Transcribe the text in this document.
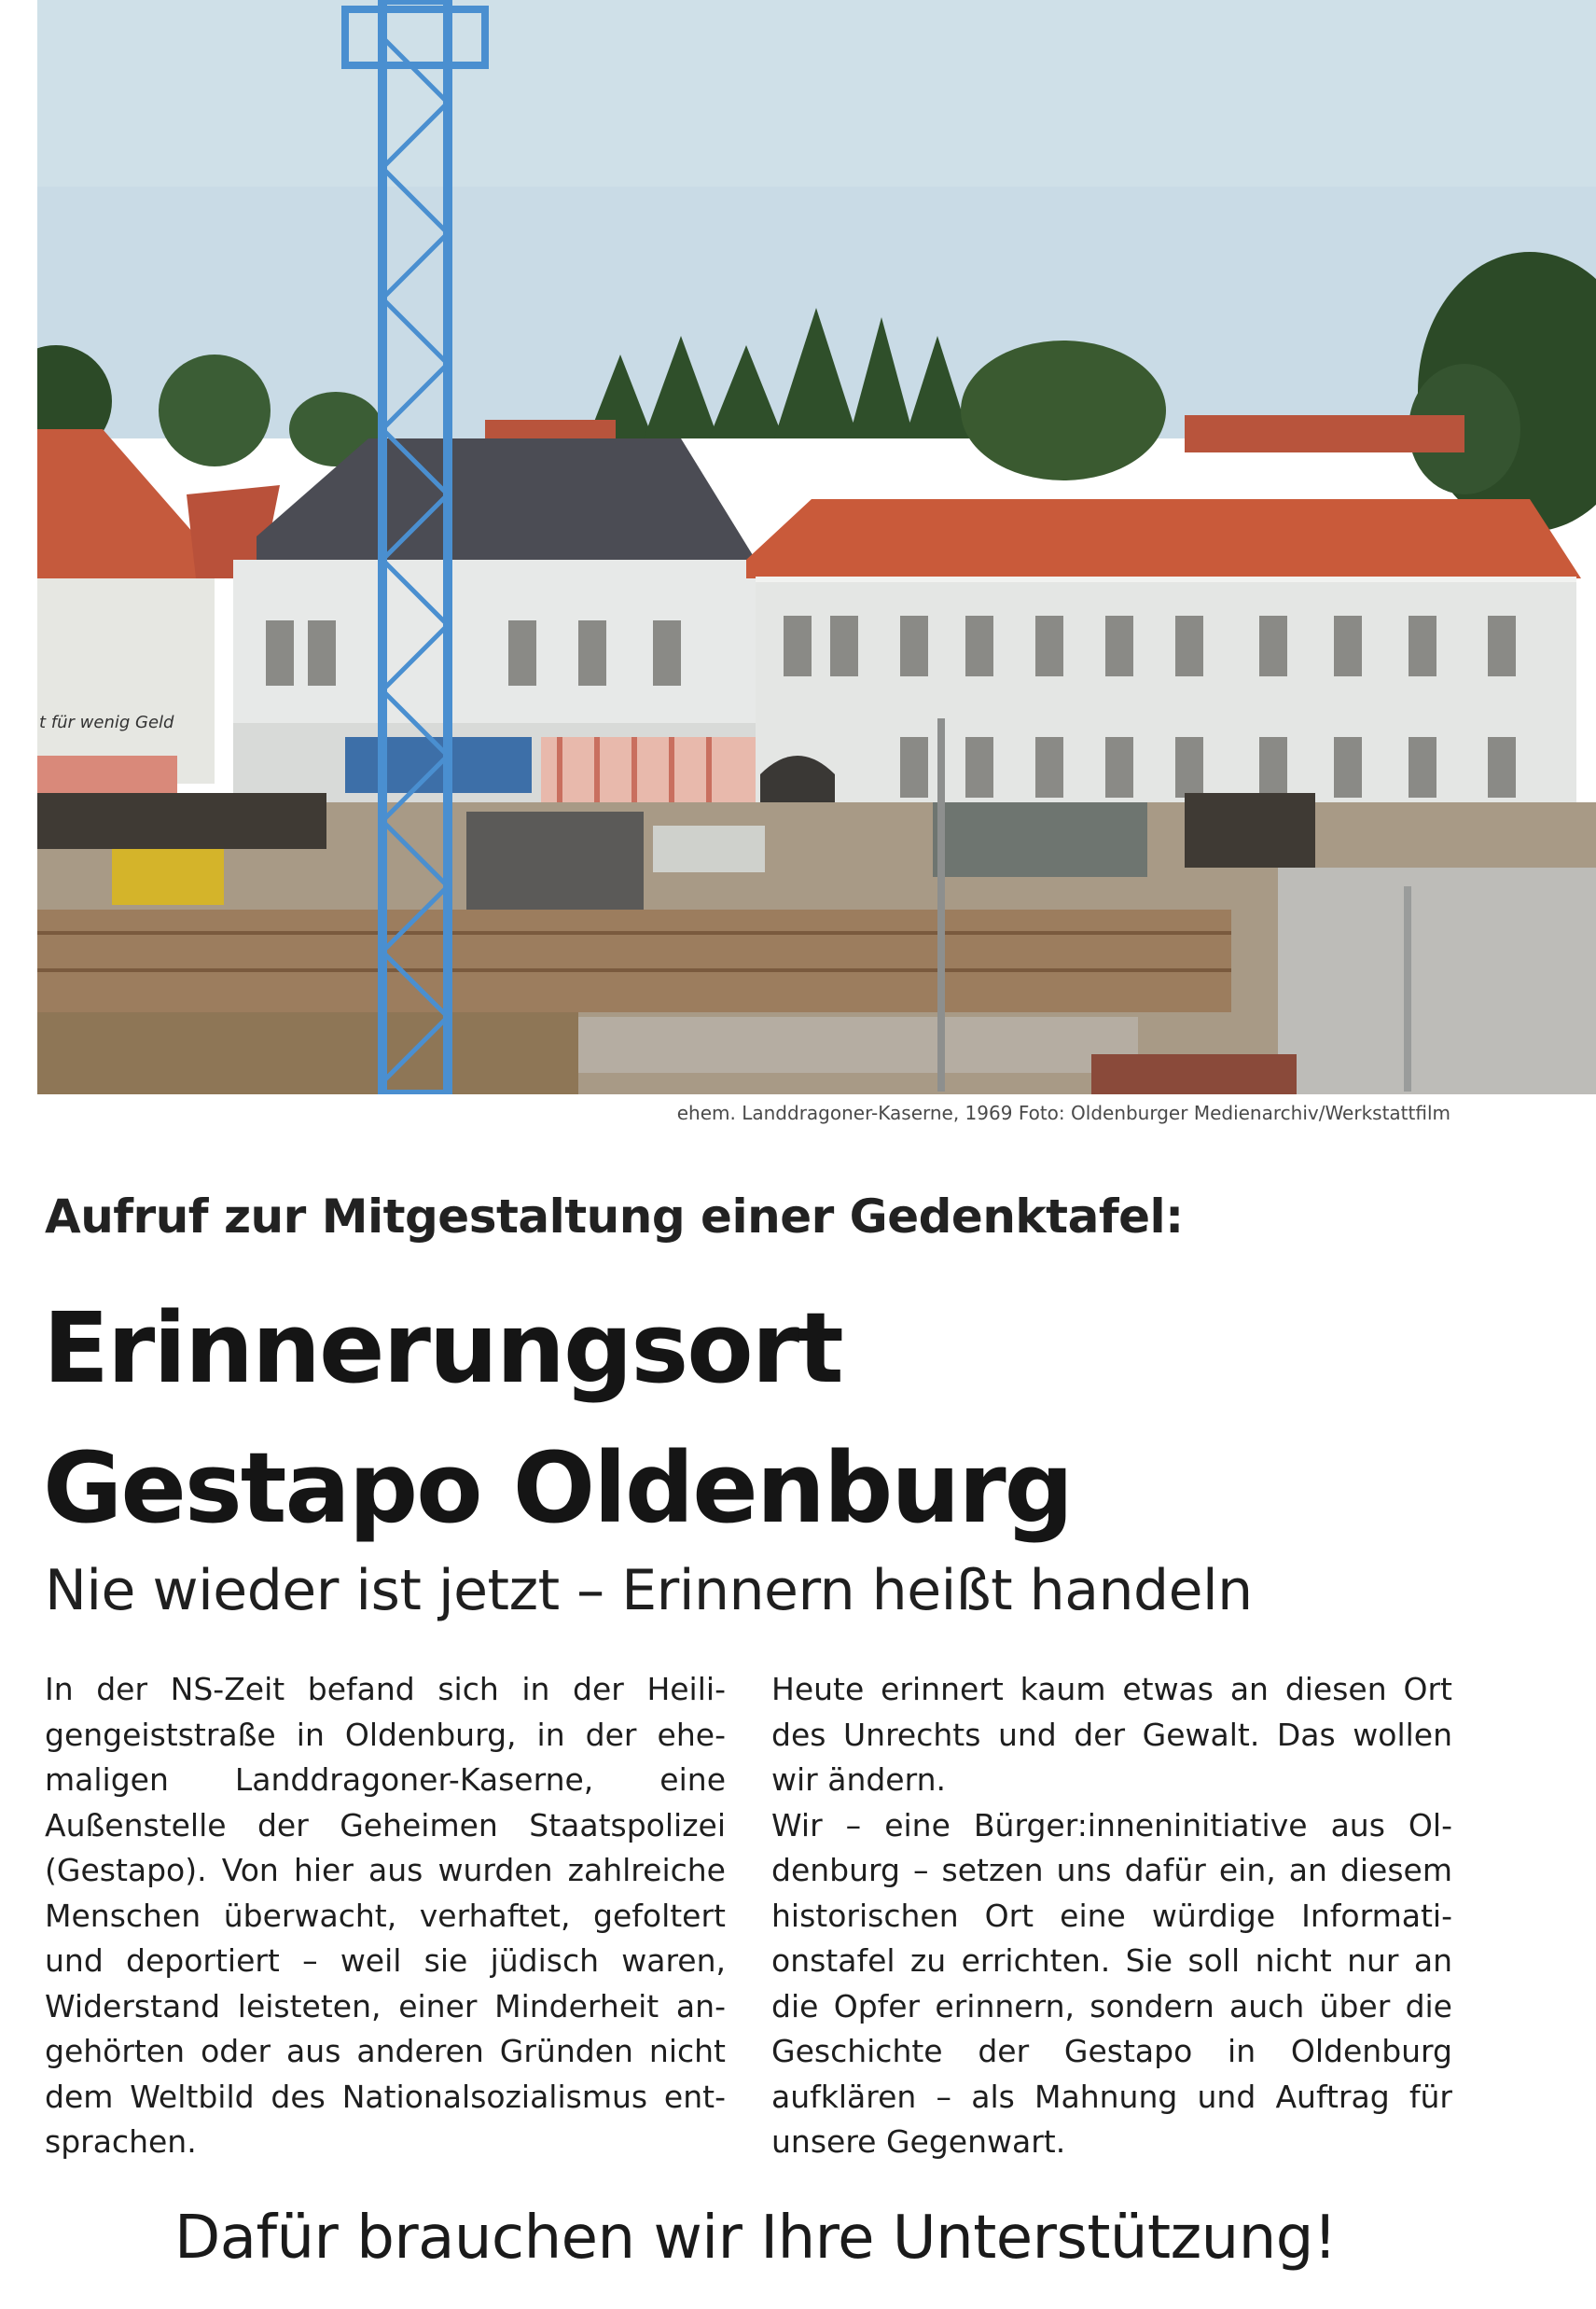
t für wenig Geld
ehem. Landdragoner-Kaserne, 1969 Foto: Oldenburger Medienarchiv/Werkstattfilm
Aufruf zur Mitgestaltung einer Gedenktafel:
Erinnerungsort
Gestapo Oldenburg
Nie wieder ist jetzt – Erinnern heißt handeln

In der NS-Zeit befand sich in der Heiligengeiststraße in Oldenburg, in der ehemaligen Landdragoner-Kaserne, eine Außenstelle der Geheimen Staatspolizei (Gestapo). Von hier aus wurden zahlreiche Menschen überwacht, verhaftet, gefoltert und deportiert – weil sie jüdisch waren, Widerstand leisteten, einer Minderheit angehörten oder aus anderen Gründen nicht dem Weltbild des Nationalsozialismus entsprachen.

Heute erinnert kaum etwas an diesen Ort des Unrechts und der Gewalt. Das wollen wir ändern.

Wir – eine Bürger:inneninitiative aus Oldenburg – setzen uns dafür ein, an diesem historischen Ort eine würdige Informationstafel zu errichten. Sie soll nicht nur an die Opfer erinnern, sondern auch über die Geschichte der Gestapo in Oldenburg aufklären – als Mahnung und Auftrag für unsere Gegenwart.

Dafür brauchen wir Ihre Unterstützung!
